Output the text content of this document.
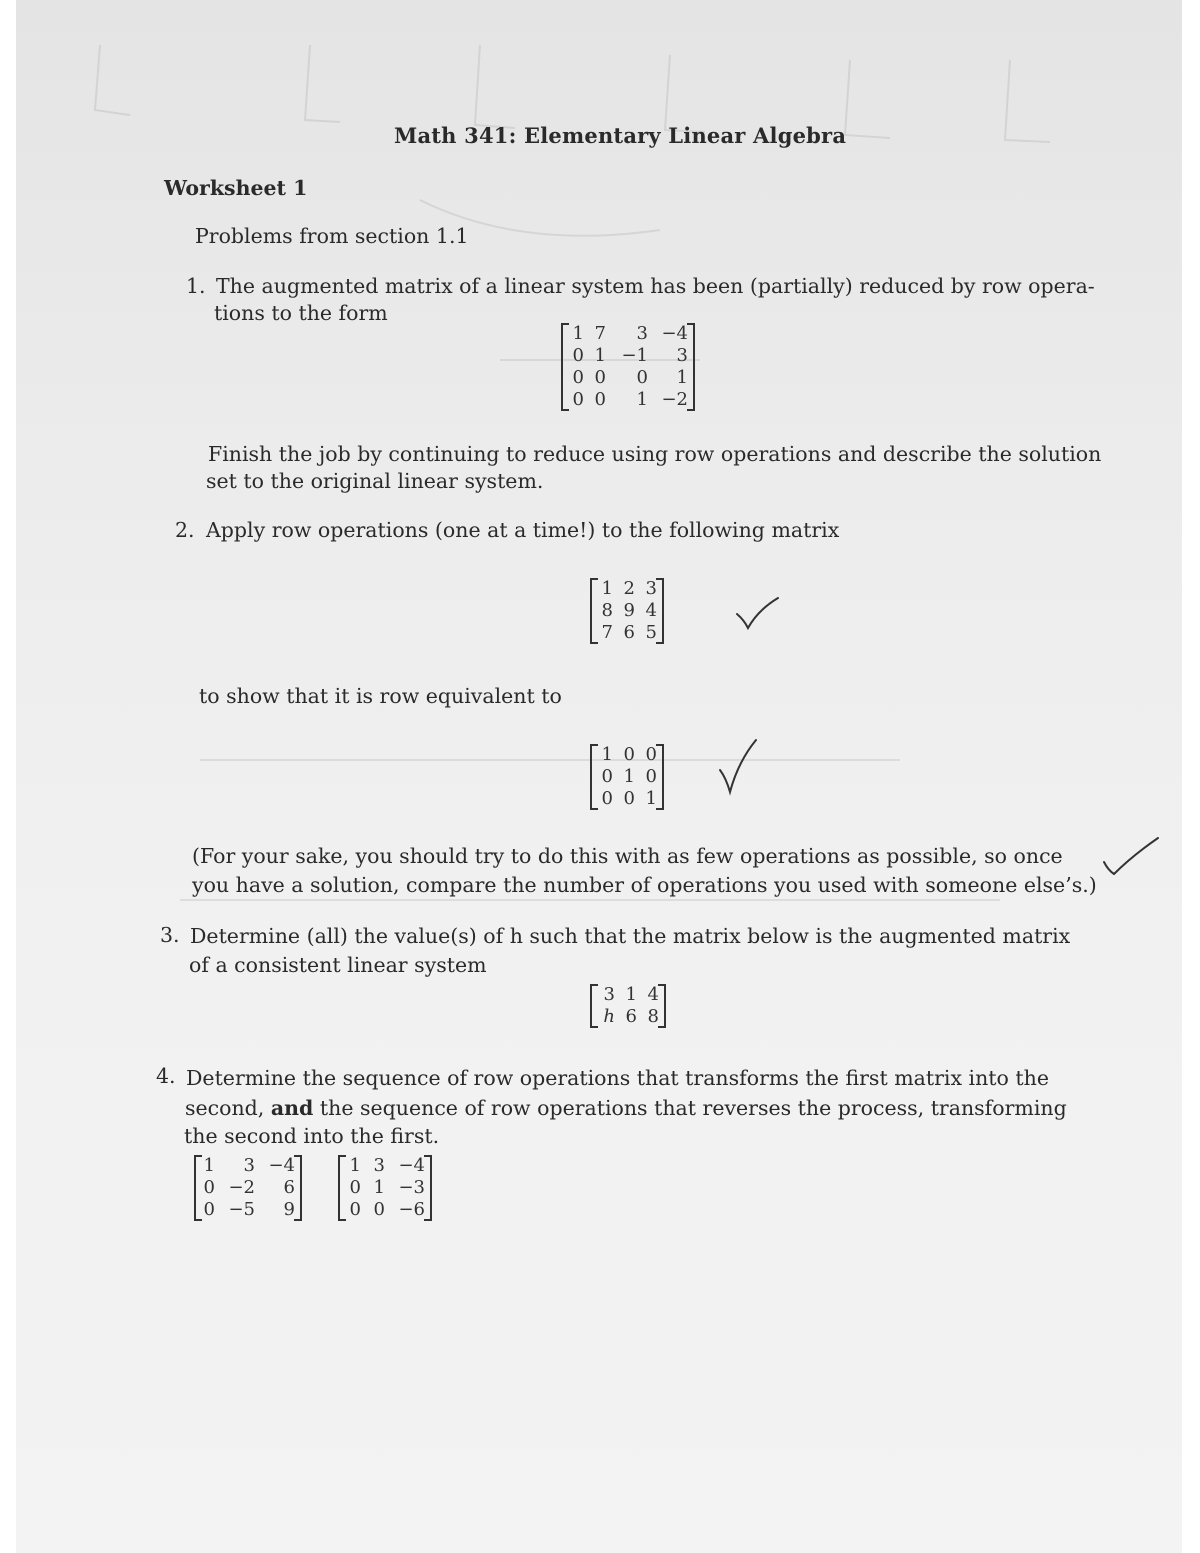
Math 341: Elementary Linear Algebra
Worksheet 1
Problems from section 1.1
1. The augmented matrix of a linear system has been (partially) reduced by row opera-
tions to the form
1 7	3 −4
0 1 −1	3
0 0	0	1
0 0	1 −2
Finish the job by continuing to reduce using row operations and describe the solution
set to the original linear system.
2. Apply row operations (one at a time!) to the following matrix
1 2 3
8 9 4
7 6 5
to show that it is row equivalent to
1 0 0
0 1 0
0 0 1
(For your sake, you should try to do this with as few operations as possible, so once
you have a solution, compare the number of operations you used with someone else’s.)
3. Determine (all) the value(s) of h such that the matrix below is the augmented matrix
of a consistent linear system
3 1 4
h 6 8
4. Determine the sequence of row operations that transforms the first matrix into the
second, and the sequence of row operations that reverses the process, transforming
the second into the first.
1	3 −4
0 −2	6
0 −5	9
1 3 −4
0 1 −3
0 0 −6
